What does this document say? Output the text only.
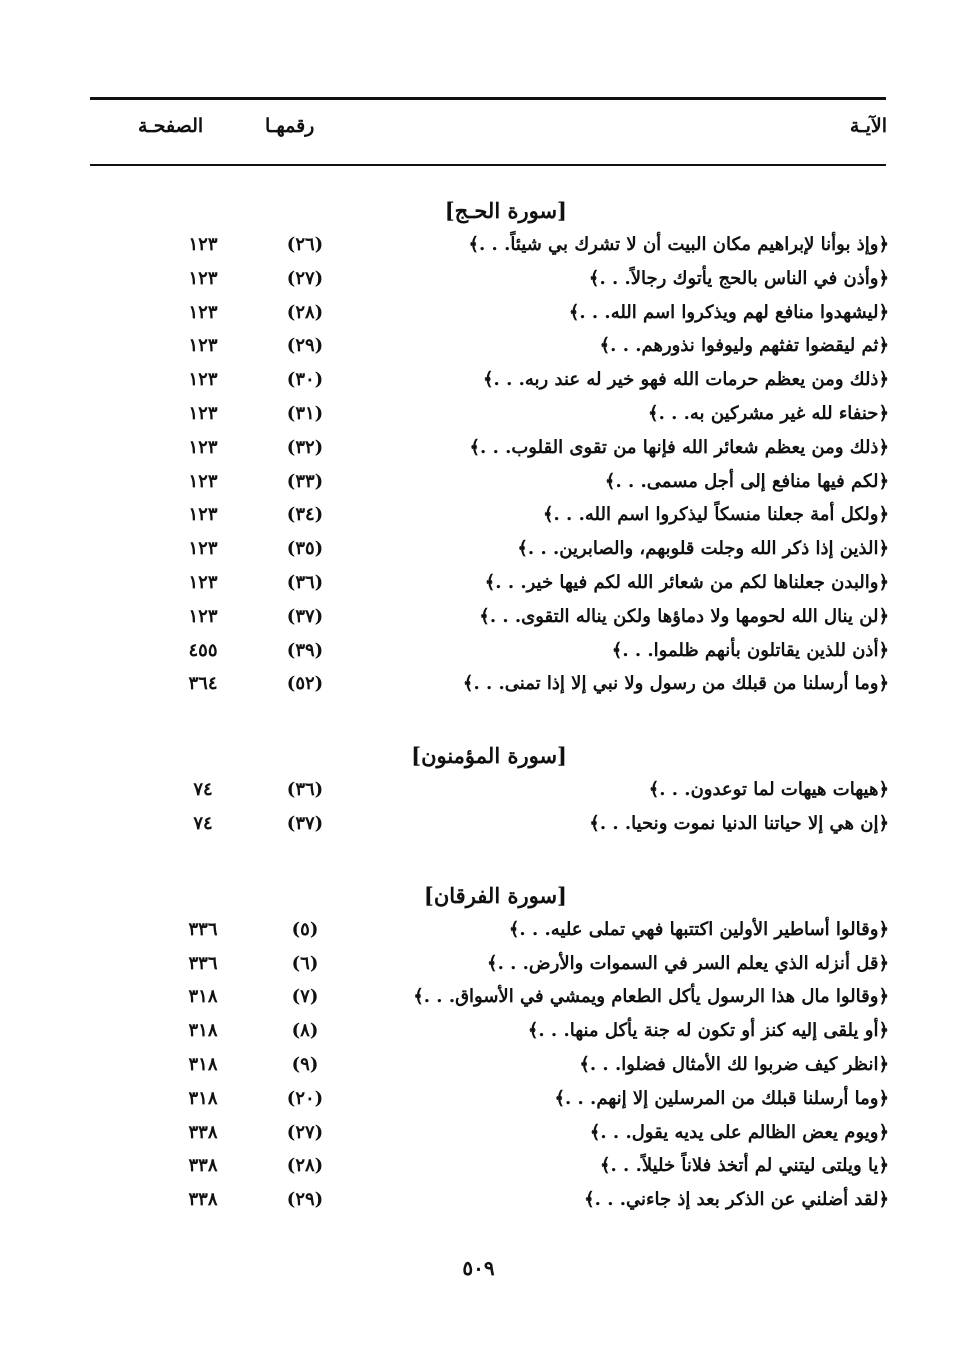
الآيـة
رقمهـا
الصفحـة
[سورة الحـج]
﴿وإذ بوأنا لإبراهيم مكان البيت أن لا تشرك بي شيئاً. . .﴾
(٢٦)
١٢٣
﴿وأذن في الناس بالحج يأتوك رجالاً. . .﴾
(٢٧)
١٢٣
﴿ليشهدوا منافع لهم ويذكروا اسم الله. . .﴾
(٢٨)
١٢٣
﴿ثم ليقضوا تفثهم وليوفوا نذورهم. . .﴾
(٢٩)
١٢٣
﴿ذلك ومن يعظم حرمات الله فهو خير له عند ربه. . .﴾
(٣٠)
١٢٣
﴿حنفاء لله غير مشركين به. . .﴾
(٣١)
١٢٣
﴿ذلك ومن يعظم شعائر الله فإنها من تقوى القلوب. . .﴾
(٣٢)
١٢٣
﴿لكم فيها منافع إلى أجل مسمى. . .﴾
(٣٣)
١٢٣
﴿ولكل أمة جعلنا منسكاً ليذكروا اسم الله. . .﴾
(٣٤)
١٢٣
﴿الذين إذا ذكر الله وجلت قلوبهم، والصابرين. . .﴾
(٣٥)
١٢٣
﴿والبدن جعلناها لكم من شعائر الله لكم فيها خير. . .﴾
(٣٦)
١٢٣
﴿لن ينال الله لحومها ولا دماؤها ولكن يناله التقوى. . .﴾
(٣٧)
١٢٣
﴿أذن للذين يقاتلون بأنهم ظلموا. . .﴾
(٣٩)
٤٥٥
﴿وما أرسلنا من قبلك من رسول ولا نبي إلا إذا تمنى. . .﴾
(٥٢)
٣٦٤
[سورة المؤمنون]
﴿هيهات هيهات لما توعدون. . .﴾
(٣٦)
٧٤
﴿إن هي إلا حياتنا الدنيا نموت ونحيا. . .﴾
(٣٧)
٧٤
[سورة الفرقان]
﴿وقالوا أساطير الأولين اكتتبها فهي تملى عليه. . .﴾
(٥)
٣٣٦
﴿قل أنزله الذي يعلم السر في السموات والأرض. . .﴾
(٦)
٣٣٦
﴿وقالوا مال هذا الرسول يأكل الطعام ويمشي في الأسواق. . .﴾
(٧)
٣١٨
﴿أو يلقى إليه كنز أو تكون له جنة يأكل منها. . .﴾
(٨)
٣١٨
﴿انظر كيف ضربوا لك الأمثال فضلوا. . .﴾
(٩)
٣١٨
﴿وما أرسلنا قبلك من المرسلين إلا إنهم. . .﴾
(٢٠)
٣١٨
﴿ويوم يعض الظالم على يديه يقول. . .﴾
(٢٧)
٣٣٨
﴿يا ويلتى ليتني لم أتخذ فلاناً خليلاً. . .﴾
(٢٨)
٣٣٨
﴿لقد أضلني عن الذكر بعد إذ جاءني. . .﴾
(٢٩)
٣٣٨
٥٠٩
